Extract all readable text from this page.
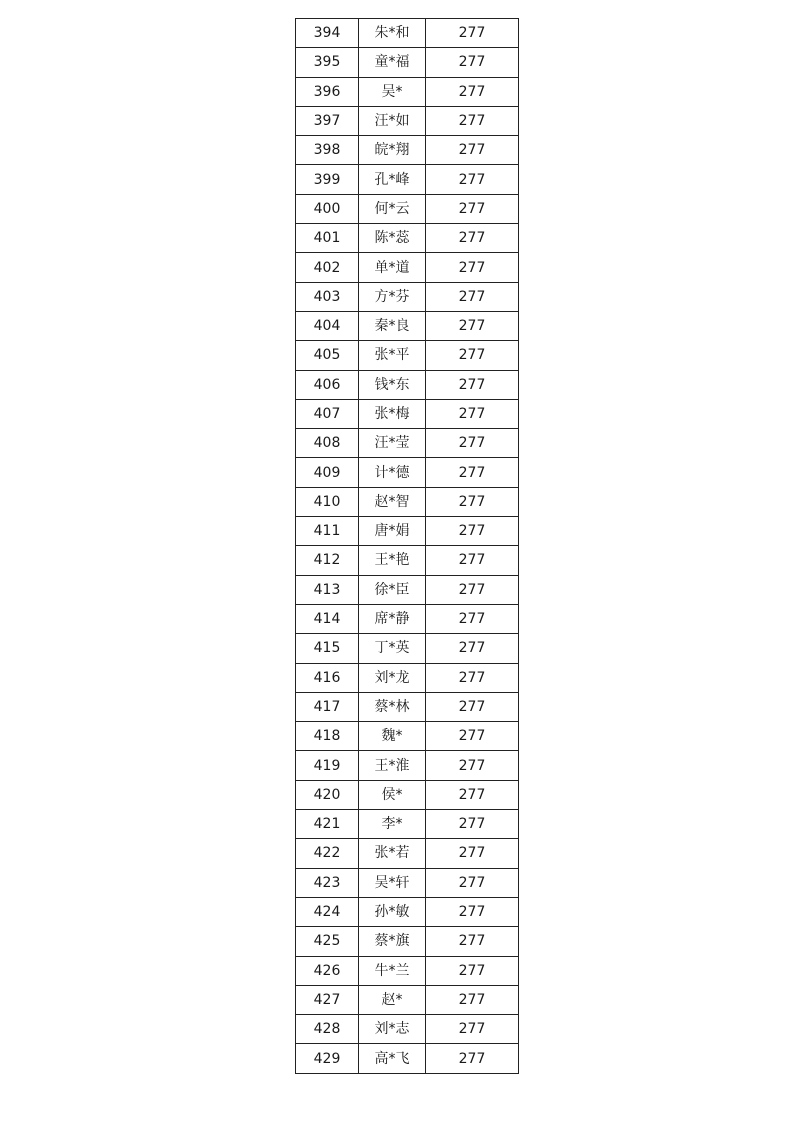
394	朱*和	277
395	童*福	277
396	吴*	277
397	汪*如	277
398	皖*翔	277
399	孔*峰	277
400	何*云	277
401	陈*蕊	277
402	单*道	277
403	方*芬	277
404	秦*良	277
405	张*平	277
406	钱*东	277
407	张*梅	277
408	汪*莹	277
409	计*德	277
410	赵*智	277
411	唐*娟	277
412	王*艳	277
413	徐*臣	277
414	席*静	277
415	丁*英	277
416	刘*龙	277
417	蔡*林	277
418	魏*	277
419	王*淮	277
420	侯*	277
421	李*	277
422	张*若	277
423	吴*轩	277
424	孙*敏	277
425	蔡*旗	277
426	牛*兰	277
427	赵*	277
428	刘*志	277
429	高*飞	277
